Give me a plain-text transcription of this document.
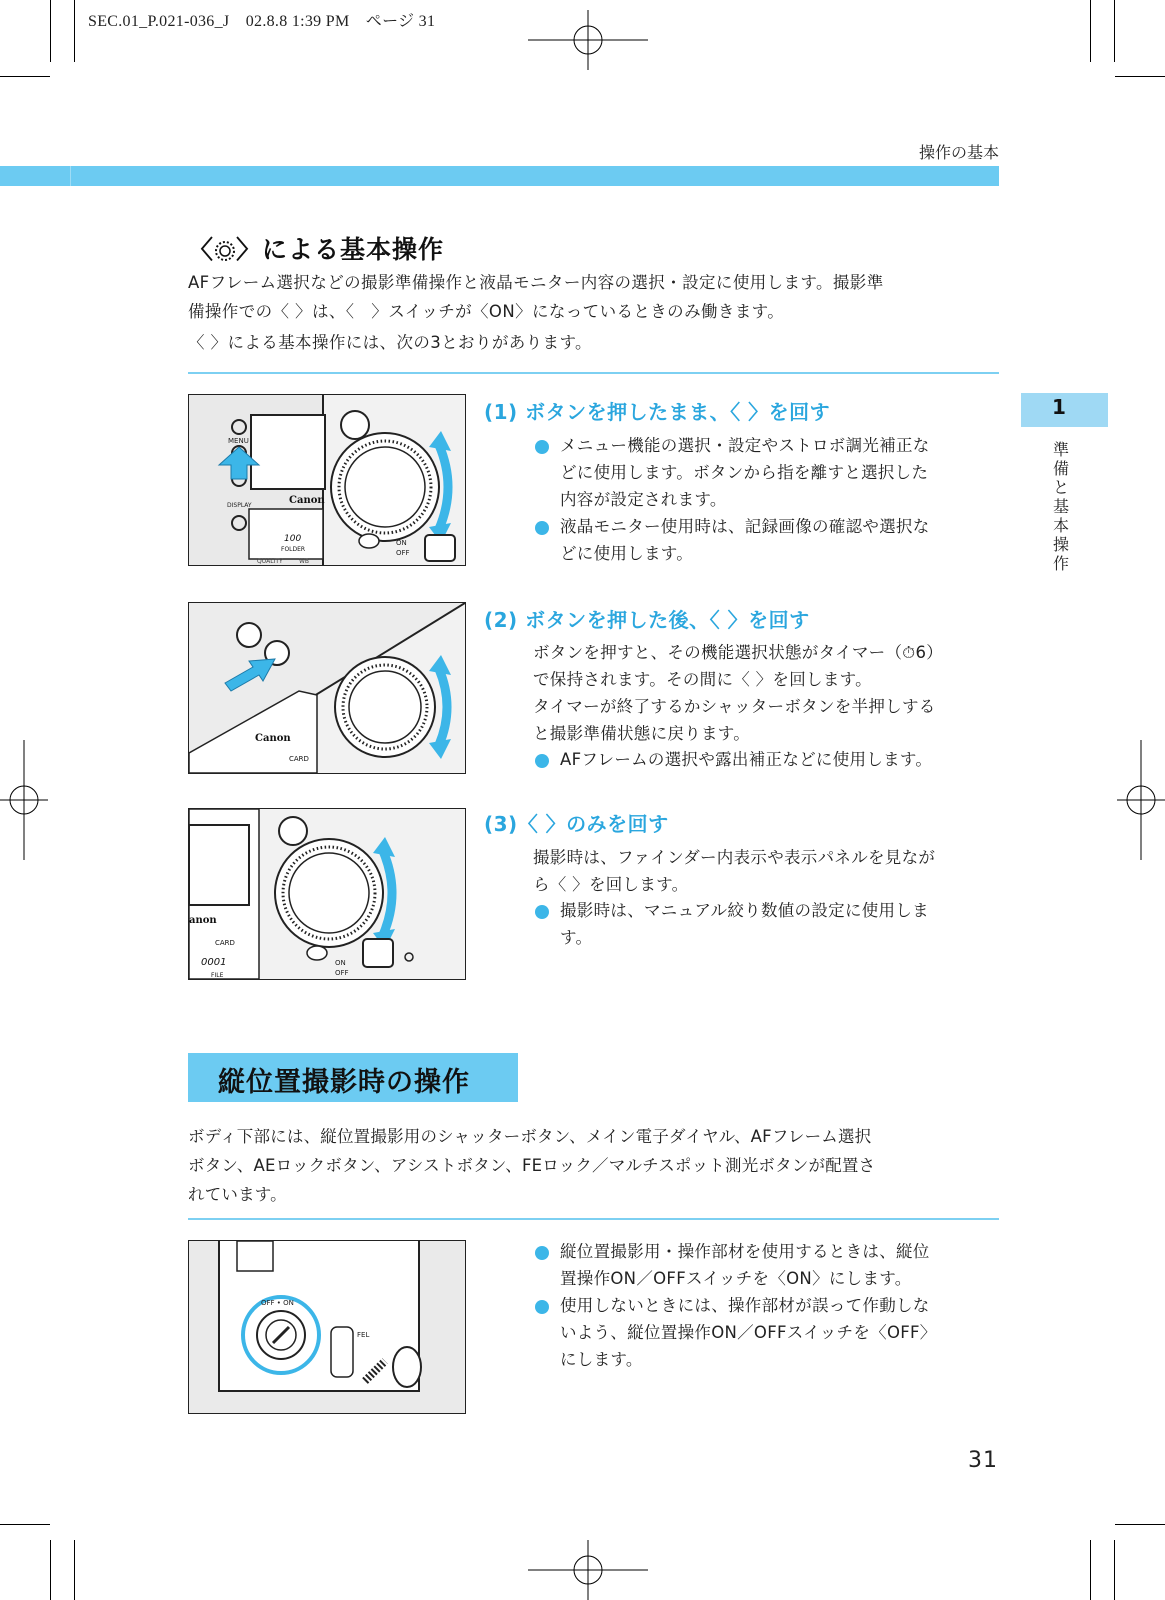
SEC.01_P.021-036_J　02.8.8 1:39 PM　ページ 31
操作の基本
〈 〉による基本操作
AFフレーム選択などの撮影準備操作と液晶モニター内容の選択・設定に使用します。撮影準
備操作での〈 〉は、〈　〉スイッチが〈ON〉になっているときのみ働きます。
〈 〉による基本操作には、次の3とおりがあります。
1
準
備
と
基
本
操
作
MENU
DISPLAY	Canon
100
FOLDER
QUALITY	WB
ON
OFF
(1) ボタンを押したまま、〈 〉を回す
メニュー機能の選択・設定やストロボ調光補正な
どに使用します。ボタンから指を離すと選択した
内容が設定されます。
液晶モニター使用時は、記録画像の確認や選択な
どに使用します。
Canon
CARD
(2) ボタンを押した後、〈 〉を回す
ボタンを押すと、その機能選択状態がタイマー（⏱6）
で保持されます。その間に〈 〉を回します。
タイマーが終了するかシャッターボタンを半押しする
と撮影準備状態に戻ります。
AFフレームの選択や露出補正などに使用します。
anon
CARD
0001
FILE
ON
OFF
(3)〈 〉のみを回す
撮影時は、ファインダー内表示や表示パネルを見なが
ら〈 〉を回します。
撮影時は、マニュアル絞り数値の設定に使用しま
す。
縦位置撮影時の操作
ボディ下部には、縦位置撮影用のシャッターボタン、メイン電子ダイヤル、AFフレーム選択
ボタン、AEロックボタン、アシストボタン、FEロック／マルチスポット測光ボタンが配置さ
れています。
OFF • ON
FEL
縦位置撮影用・操作部材を使用するときは、縦位
置操作ON／OFFスイッチを〈ON〉にします。
使用しないときには、操作部材が誤って作動しな
いよう、縦位置操作ON／OFFスイッチを〈OFF〉
にします。
31
